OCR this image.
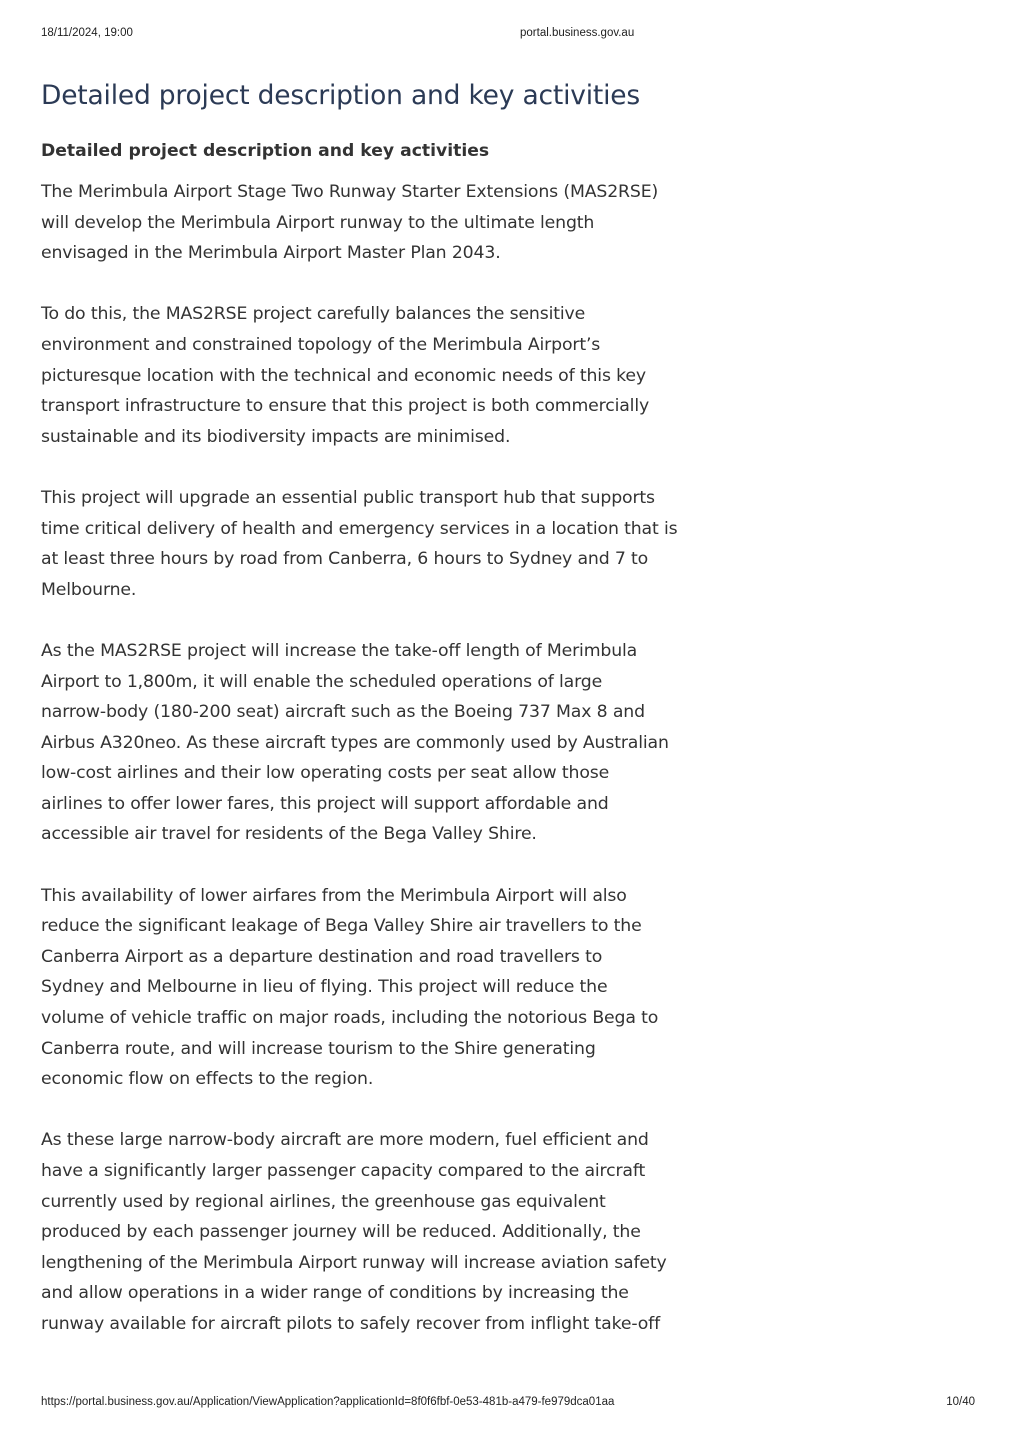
18/11/2024, 19:00	portal.business.gov.au
Detailed project description and key activities
Detailed project description and key activities

The Merimbula Airport Stage Two Runway Starter Extensions (MAS2RSE)
will develop the Merimbula Airport runway to the ultimate length
envisaged in the Merimbula Airport Master Plan 2043.

To do this, the MAS2RSE project carefully balances the sensitive
environment and constrained topology of the Merimbula Airport’s
picturesque location with the technical and economic needs of this key
transport infrastructure to ensure that this project is both commercially
sustainable and its biodiversity impacts are minimised.

This project will upgrade an essential public transport hub that supports
time critical delivery of health and emergency services in a location that is
at least three hours by road from Canberra, 6 hours to Sydney and 7 to
Melbourne.

As the MAS2RSE project will increase the take-off length of Merimbula
Airport to 1,800m, it will enable the scheduled operations of large
narrow-body (180-200 seat) aircraft such as the Boeing 737 Max 8 and
Airbus A320neo. As these aircraft types are commonly used by Australian
low-cost airlines and their low operating costs per seat allow those
airlines to offer lower fares, this project will support affordable and
accessible air travel for residents of the Bega Valley Shire.

This availability of lower airfares from the Merimbula Airport will also
reduce the significant leakage of Bega Valley Shire air travellers to the
Canberra Airport as a departure destination and road travellers to
Sydney and Melbourne in lieu of flying. This project will reduce the
volume of vehicle traffic on major roads, including the notorious Bega to
Canberra route, and will increase tourism to the Shire generating
economic flow on effects to the region.

As these large narrow-body aircraft are more modern, fuel efficient and
have a significantly larger passenger capacity compared to the aircraft
currently used by regional airlines, the greenhouse gas equivalent
produced by each passenger journey will be reduced. Additionally, the
lengthening of the Merimbula Airport runway will increase aviation safety
and allow operations in a wider range of conditions by increasing the
runway available for aircraft pilots to safely recover from inflight take-off

https://portal.business.gov.au/Application/ViewApplication?applicationId=8f0f6fbf-0e53-481b-a479-fe979dca01aa	10/40
